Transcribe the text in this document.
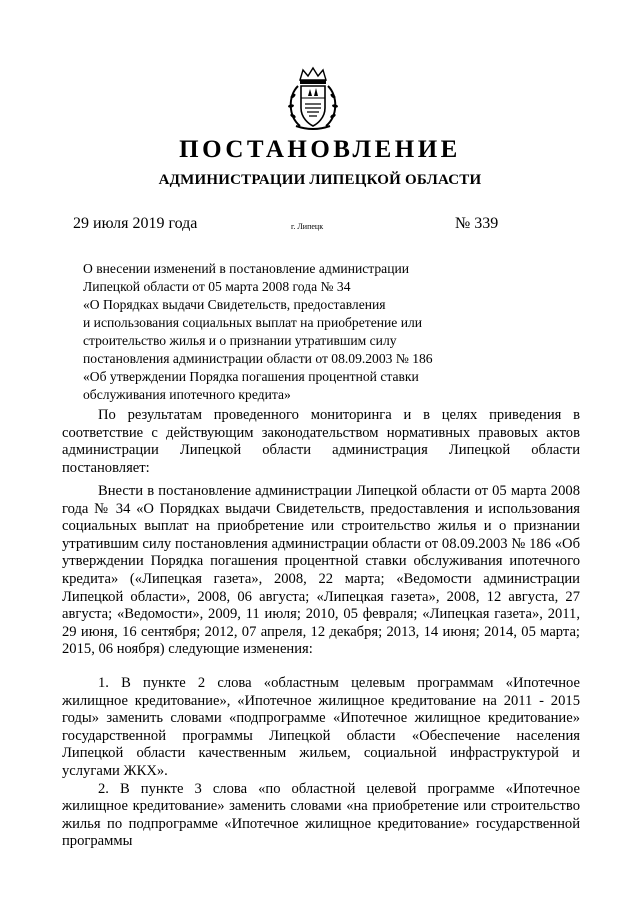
ПОСТАНОВЛЕНИЕ
АДМИНИСТРАЦИИ ЛИПЕЦКОЙ ОБЛАСТИ
29 июля 2019 года	г. Липецк	№ 339
О внесении изменений в постановление администрации
Липецкой области от 05 марта 2008 года № 34
«О Порядках выдачи Свидетельств, предоставления
и использования социальных выплат на приобретение или
строительство жилья и о признании утратившим силу
постановления администрации области от 08.09.2003 № 186
«Об утверждении Порядка погашения процентной ставки
обслуживания ипотечного кредита»

По результатам проведенного мониторинга и в целях приведения в соответствие с действующим законодательством нормативных правовых актов администрации Липецкой области администрация Липецкой области постановляет:

Внести в постановление администрации Липецкой области от 05 марта 2008 года № 34 «О Порядках выдачи Свидетельств, предоставления и использования социальных выплат на приобретение или строительство жилья и о признании утратившим силу постановления администрации области от 08.09.2003 № 186 «Об утверждении Порядка погашения процентной ставки обслуживания ипотечного кредита» («Липецкая газета», 2008, 22 марта; «Ведомости администрации Липецкой области», 2008, 06 августа; «Липецкая газета», 2008, 12 августа, 27 августа; «Ведомости», 2009, 11 июля; 2010, 05 февраля; «Липецкая газета», 2011, 29 июня, 16 сентября; 2012, 07 апреля, 12 декабря; 2013, 14 июня; 2014, 05 марта; 2015, 06 ноября) следующие изменения:

1. В пункте 2 слова «областным целевым программам «Ипотечное жилищное кредитование», «Ипотечное жилищное кредитование на 2011 - 2015 годы» заменить словами «подпрограмме «Ипотечное жилищное кредитование» государственной программы Липецкой области «Обеспечение населения Липецкой области качественным жильем, социальной инфраструктурой и услугами ЖКХ».

2. В пункте 3 слова «по областной целевой программе «Ипотечное жилищное кредитование» заменить словами «на приобретение или строительство жилья по подпрограмме «Ипотечное жилищное кредитование» государственной программы
